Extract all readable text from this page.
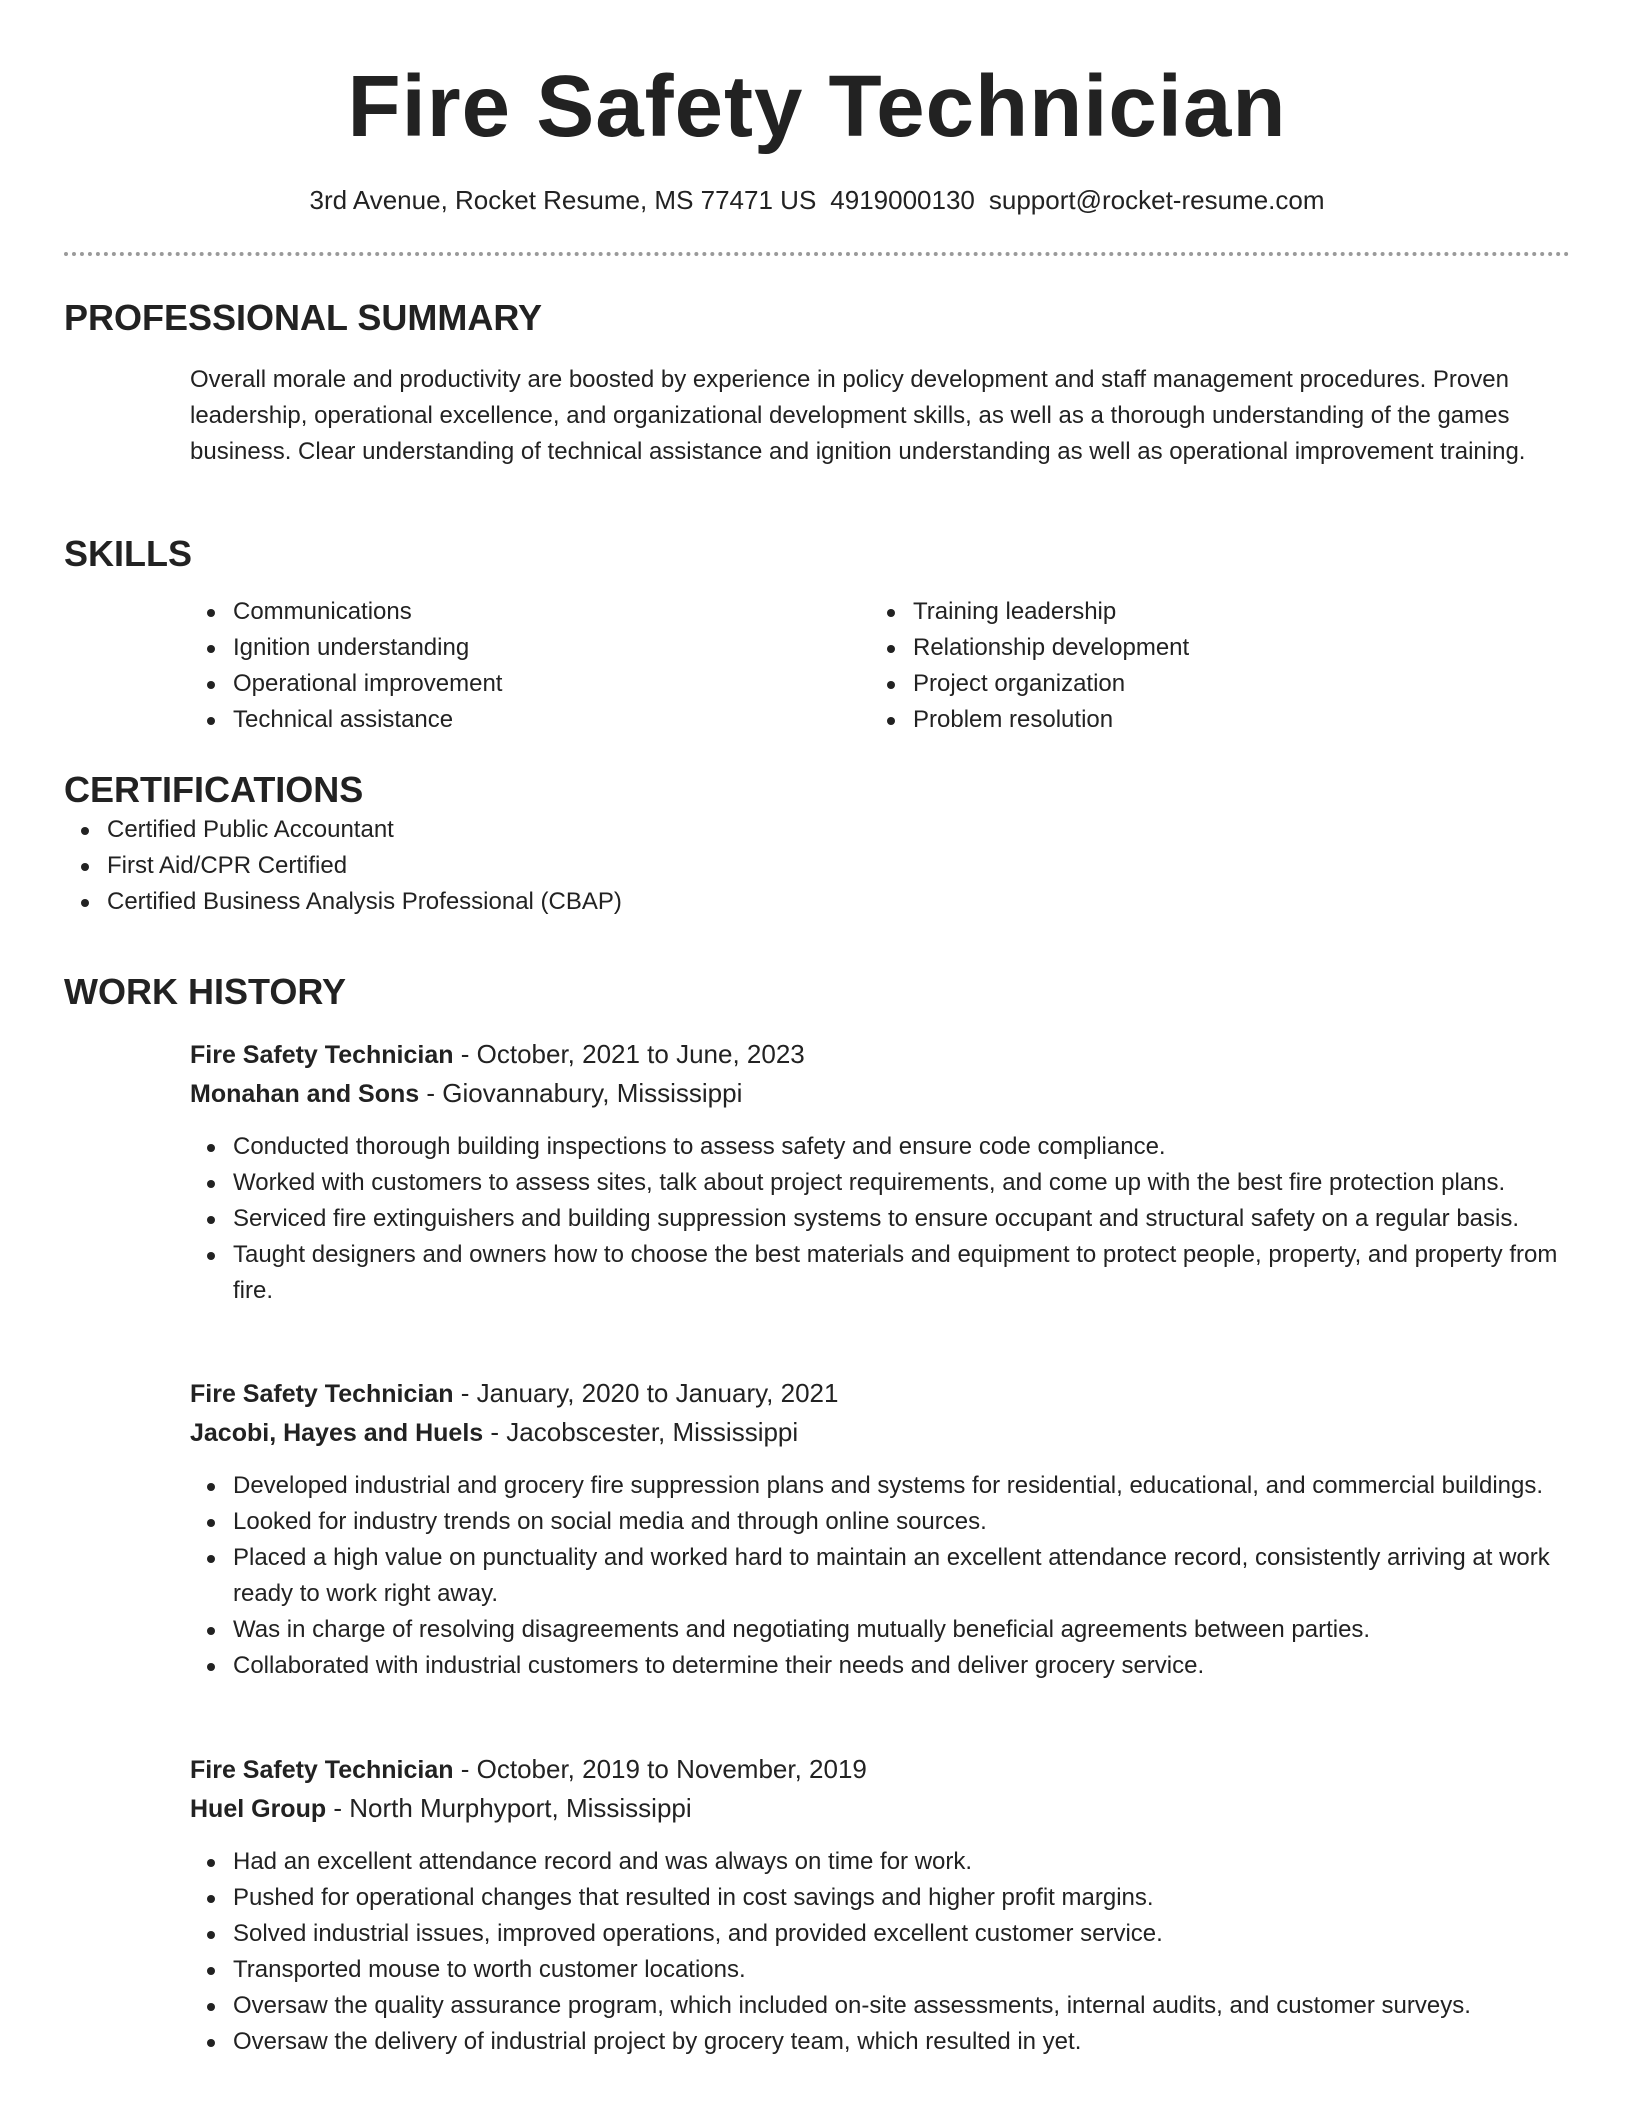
Fire Safety Technician
3rd Avenue, Rocket Resume, MS 77471 US 4919000130 support@rocket-resume.com
PROFESSIONAL SUMMARY
Overall morale and productivity are boosted by experience in policy development and staff management procedures. Proven leadership, operational excellence, and organizational development skills, as well as a thorough understanding of the games business. Clear understanding of technical assistance and ignition understanding as well as operational improvement training.
SKILLS
Communications
Ignition understanding
Operational improvement
Technical assistance
Training leadership
Relationship development
Project organization
Problem resolution
CERTIFICATIONS
Certified Public Accountant
First Aid/CPR Certified
Certified Business Analysis Professional (CBAP)
WORK HISTORY
Fire Safety Technician - October, 2021 to June, 2023
Monahan and Sons - Giovannabury, Mississippi
Conducted thorough building inspections to assess safety and ensure code compliance.
Worked with customers to assess sites, talk about project requirements, and come up with the best fire protection plans.
Serviced fire extinguishers and building suppression systems to ensure occupant and structural safety on a regular basis.
Taught designers and owners how to choose the best materials and equipment to protect people, property, and property from fire.
Fire Safety Technician - January, 2020 to January, 2021
Jacobi, Hayes and Huels - Jacobscester, Mississippi
Developed industrial and grocery fire suppression plans and systems for residential, educational, and commercial buildings.
Looked for industry trends on social media and through online sources.
Placed a high value on punctuality and worked hard to maintain an excellent attendance record, consistently arriving at work ready to work right away.
Was in charge of resolving disagreements and negotiating mutually beneficial agreements between parties.
Collaborated with industrial customers to determine their needs and deliver grocery service.
Fire Safety Technician - October, 2019 to November, 2019
Huel Group - North Murphyport, Mississippi
Had an excellent attendance record and was always on time for work.
Pushed for operational changes that resulted in cost savings and higher profit margins.
Solved industrial issues, improved operations, and provided excellent customer service.
Transported mouse to worth customer locations.
Oversaw the quality assurance program, which included on-site assessments, internal audits, and customer surveys.
Oversaw the delivery of industrial project by grocery team, which resulted in yet.
